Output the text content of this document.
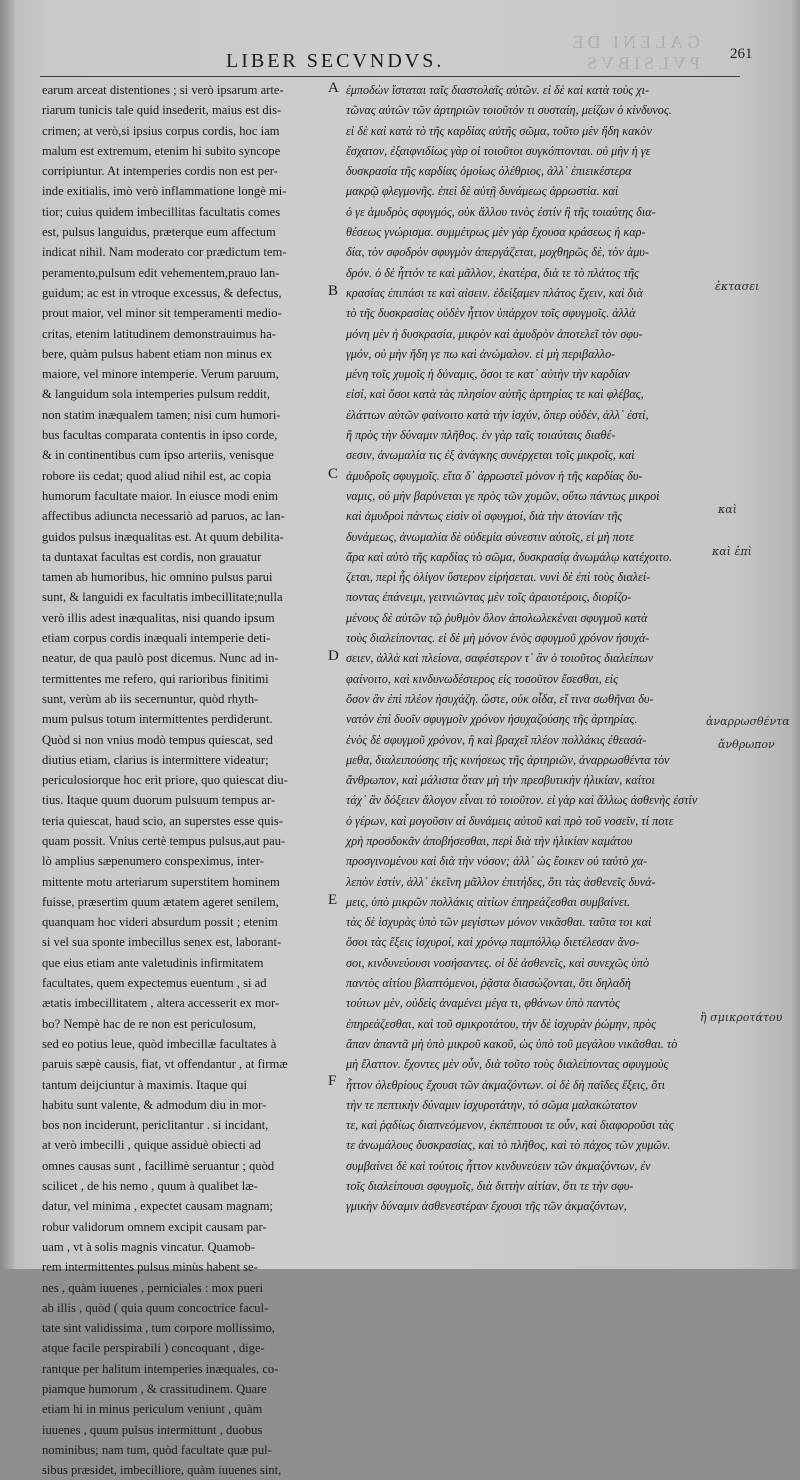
GALENI DE PVLSIBVS
LIBER SECVNDVS.	261
earum arceat distentiones ; si verò ipsarum arte-
riarum tunicis tale quid insederit, maius est dis-
crimen; at verò,si ipsius corpus cordis, hoc iam
malum est extremum, etenim hi subito syncope
corripiuntur. At intemperies cordis non est per-
inde exitialis, imò verò inflammatione longè mi-
tior; cuius quidem imbecillitas facultatis comes
est, pulsus languidus, præterque eum affectum
indicat nihil. Nam moderato cor prædictum tem-
peramento,pulsum edit vehementem,prauo lan-
guidum; ac est in vtroque excessus, & defectus,
prout maior, vel minor sit temperamenti medio-
critas, etenim latitudinem demonstrauimus ha-
bere, quàm pulsus habent etiam non minus ex
maiore, vel minore intemperie. Verum paruum,
& languidum sola intemperies pulsum reddit,
non statim inæqualem tamen; nisi cum humori-
bus facultas comparata contentis in ipso corde,
& in continentibus cum ipso arteriis, venisque
robore iis cedat; quod aliud nihil est, ac copia
humorum facultate maior. In eiusce modi enim
affectibus adiuncta necessariò ad paruos, ac lan-
guidos pulsus inæqualitas est. At quum debilita-
ta duntaxat facultas est cordis, non grauatur
tamen ab humoribus, hic omnino pulsus parui
sunt, & languidi ex facultatis imbecillitate;nulla
verò illis adest inæqualitas, nisi quando ipsum
etiam corpus cordis inæquali intemperie deti-
neatur, de qua paulò post dicemus. Nunc ad in-
termittentes me refero, qui rarioribus finitimi
sunt, verùm ab iis secernuntur, quòd rhyth-
mum pulsus totum intermittentes perdiderunt.
Quòd si non vnius modò tempus quiescat, sed
diutius etiam, clarius is intermittere videatur;
periculosiorque hoc erit priore, quo quiescat diu-
tius. Itaque quum duorum pulsuum tempus ar-
teria quiescat, haud scio, an superstes esse quis-
quam possit. Vnius certè tempus pulsus,aut pau-
lò amplius sæpenumero conspeximus, inter-
mittente motu arteriarum superstitem hominem
fuisse, præsertim quum ætatem ageret senilem,
quanquam hoc videri absurdum possit ; etenim
si vel sua sponte imbecillus senex est, laborant-
que eius etiam ante valetudinis infirmitatem
facultates, quem expectemus euentum , si ad
ætatis imbecillitatem , altera accesserit ex mor-
bo? Nempè hac de re non est periculosum,
sed eo potius leue, quòd imbecillæ facultates à
paruis sæpè causis, fiat, vt offendantur , at firmæ
tantum deijciuntur à maximis. Itaque qui
habitu sunt valente, & admodum diu in mor-
bos non inciderunt, periclitantur . si incidant,
at verò imbecilli , quique assiduè obiecti ad
omnes causas sunt , facillimè seruantur ; quòd
scilicet , de his nemo , quum à qualibet læ-
datur, vel minima , expectet causam magnam;
robur validorum omnem excipit causam par-
uam , vt à solis magnis vincatur. Quamob-
rem intermittentes pulsus minùs habent se-
nes , quàm iuuenes , perniciales : mox pueri
ab illis , quòd ( quia quum concoctrice facul-
tate sint validissima , tum corpore mollissimo,
atque facile perspirabili ) concoquant , dige-
rantque per halitum intemperies inæquales, co-
piamque humorum , & crassitudinem. Quare
etiam hi in minus periculum veniunt , quàm
iuuenes , quum pulsus intermittunt , duobus
nominibus; nam tum, quòd facultate quæ pul-
sibus præsidet, imbecilliore, quàm iuuenes sint,
ἐμποδὼν ἵσταται ταῖς διαστολαῖς αὐτῶν. εἰ δὲ καὶ κατὰ τοὺς χι-
τῶνας αὐτῶν τῶν ἀρτηριῶν τοιοῦτόν τι συσταίη, μείζων ὁ κίνδυνος.
εἰ δὲ καὶ κατὰ τὸ τῆς καρδίας αὐτῆς σῶμα, τοῦτο μὲν ἤδη κακὸν
ἔσχατον, ἐξαιφνιδίως γὰρ οἱ τοιοῦτοι συγκόπτονται. οὐ μὴν ἡ γε
δυσκρασία τῆς καρδίας ὁμοίως ὀλέθριος, ἀλλ᾽ ἐπιεικέστερα
μακρῷ φλεγμονῆς. ἐπεὶ δὲ αὐτῇ δυνάμεως ἀρρωστία. καὶ
ὁ γε ἀμυδρὸς σφυγμός, οὐκ ἄλλου τινὸς ἐστίν ἢ τῆς τοιαύτης δια-
θέσεως γνώρισμα. συμμέτρως μὲν γὰρ ἔχουσα κράσεως ἡ καρ-
δία, τὸν σφοδρὸν σφυγμὸν ἀπεργάζεται, μοχθηρῶς δὲ, τὸν ἀμυ-
δρόν. ὁ δὲ ἧττόν τε καὶ μᾶλλον, ἑκατέρα, διὰ τε τὸ πλάτος τῆς
κρασίας ἐπιπάσι τε καὶ αἰσειν. ἐδείξαμεν πλάτος ἔχειν, καὶ διὰ
τὸ τῆς δυσκρασίας οὐδὲν ἧττον ὑπάρχον τοῖς σφυγμοῖς. ἀλλὰ
μόνη μὲν ἡ δυσκρασία, μικρὸν καὶ ἀμυδρὸν ἀποτελεῖ τὸν σφυ-
γμόν, οὐ μὴν ἤδη γε πω καὶ ἀνώμαλον. εἰ μὴ περιβαλλο-
μένη τοῖς χυμοῖς ἡ δύναμις, ὅσοι τε κατ᾽ αὐτὴν τὴν καρδίαν
εἰσί, καὶ ὅσοι κατὰ τὰς πλησίον αὐτῆς ἀρτηρίας τε καὶ φλέβας,
ἐλάττων αὐτῶν φαίνοιτο κατὰ τὴν ἰσχύν, ὅπερ οὐδέν, ἀλλ᾽ ἐστί,
ἢ πρὸς τὴν δύναμιν πλῆθος. ἐν γὰρ ταῖς τοιαύταις διαθέ-
σεσιν, ἀνωμαλία τις ἐξ ἀνάγκης συνέρχεται τοῖς μικροῖς, καὶ
ἀμυδροῖς σφυγμοῖς. εἴτα δ᾽ ἀρρωστεῖ μόνον ἡ τῆς καρδίας δυ-
ναμις, οὐ μὴν βαρύνεται γε πρὸς τῶν χυμῶν, οὕτω πάντως μικροὶ
καὶ ἀμυδροὶ πάντως εἰσὶν οἱ σφυγμοί, διὰ τὴν ἀτονίαν τῆς
δυνάμεως, ἀνωμαλία δὲ οὐδεμία σύνεστιν αὐτοῖς, εἰ μὴ ποτε
ἄρα καὶ αὐτὸ τῆς καρδίας τὸ σῶμα, δυσκρασίᾳ ἀνωμάλῳ κατέχοιτο.
ζεται, περὶ ἧς ὀλίγον ὕστερον εἰρήσεται. νυνὶ δὲ ἐπὶ τοὺς διαλεί-
ποντας ἐπάνειμι, γειτνιῶντας μὲν τοῖς ἀραιοτέροις, διορίζο-
μένους δὲ αὐτῶν τῷ ῥυθμὸν ὅλον ἀπολωλεκέναι σφυγμοῦ κατὰ
τοὺς διαλείποντας. εἰ δὲ μὴ μόνον ἑνὸς σφυγμοῦ χρόνον ἡσυχά-
σειεν, ἀλλὰ καὶ πλείονα, σαφέστερον τ᾽ ἂν ὁ τοιοῦτος διαλείπων
φαίνοιτο, καὶ κινδυνωδέστερος εἰς τοσοῦτον ἔσεσθαι, εἰς
ὅσον ἂν ἐπὶ πλέον ἡσυχάζη. ὥστε, οὐκ οἶδα, εἴ τινα σωθῆναι δυ-
νατὸν ἐπὶ δυοῖν σφυγμοῖν χρόνον ἡσυχαζούσης τῆς ἀρτηρίας.
ἑνὸς δὲ σφυγμοῦ χρόνον, ἢ καὶ βραχεῖ πλέον πολλάκις ἐθεασά-
μεθα, διαλειπούσης τῆς κινήσεως τῆς ἀρτηριῶν, ἀναρρωσθέντα τὸν
ἄνθρωπον, καὶ μάλιστα ὅταν μὴ τὴν πρεσβυτικὴν ἡλικίαν, καίτοι
τάχ᾽ ἂν δόξειεν ἄλογον εἶναι τὸ τοιοῦτον. εἰ γὰρ καὶ ἄλλως ἀσθενὴς ἐστίν
ὁ γέρων, καὶ μογοῦσιν αἱ δυνάμεις αὐτοῦ καὶ πρὸ τοῦ νοσεῖν, τί ποτε
χρὴ προσδοκᾶν ἀποβήσεσθαι, περὶ διὰ τὴν ἡλικίαν καμάτου
προσγινομένου καὶ διὰ τὴν νόσον; ἀλλ᾽ ὡς ἔοικεν οὐ ταὐτὸ χα-
λεπὸν ἐστίν, ἀλλ᾽ ἐκεῖνη μᾶλλον ἐπιτήδες, ὅτι τὰς ἀσθενεῖς δυνά-
μεις, ὑπὸ μικρῶν πολλάκις αἰτίων ἐπηρεάζεσθαι συμβαίνει.
τὰς δὲ ἰσχυρὰς ὑπὸ τῶν μεγίστων μόνον νικᾶσθαι. ταῦτα τοι καὶ
ὅσοι τὰς ἕξεις ἰσχυροί, καὶ χρόνῳ παμπόλλῳ διετέλεσαν ἄνο-
σοι, κινδυνεύουσι νοσήσαντες. οἱ δὲ ἀσθενεῖς, καὶ συνεχῶς ὑπὸ
παντὸς αἰτίου βλαπτόμενοι, ῥᾷστα διασώζονται, ὅτι δηλαδὴ
τούτων μὲν, οὐδεὶς ἀναμένει μέγα τι, φθάνων ὑπὸ παντὸς
ἐπηρεάζεσθαι, καὶ τοῦ σμικροτάτου, τὴν δὲ ἰσχυρὰν ῥώμην, πρὸς
ἅπαν ἀπαντᾶ μὴ ὑπὸ μικροῦ κακοῦ, ὡς ὑπὸ τοῦ μεγάλου νικᾶσθαι. τὸ
μὴ ἔλαττον. ἔχοντες μὲν οὖν, διὰ τοῦτο τοὺς διαλείποντας σφυγμοὺς
ἧττον ὀλεθρίους ἔχουσι τῶν ἀκμαζόντων. οἱ δὲ δὴ παῖδες ἔξεις, ὅτι
τὴν τε πεπτικὴν δύναμιν ἰσχυροτάτην, τό σῶμα μαλακώτατον
τε, καὶ ῥᾳδίως διαπνεόμενον, ἐκπέπτουσι τε οὖν, καὶ διαφοροῦσι τὰς
τε ἀνωμάλους δυσκρασίας, καὶ τὸ πλῆθος, καὶ τὸ πάχος τῶν χυμῶν.
συμβαίνει δὲ καὶ τούτοις ἧττον κινδυνεύειν τῶν ἀκμαζόντων, ἐν
τοῖς διαλείπουσι σφυγμοῖς, διὰ διττὴν αἰτίαν, ὅτι τε τὴν σφυ-
γμικὴν δύναμιν ἀσθενεστέραν ἔχουσι τῆς τῶν ἀκμαζόντων,
A
B
C
D
E
F
ἐκτασει
καὶ
καὶ ἐπὶ
ἀναρρωσθέντα
ἄνθρωπον
ἢ σμικροτάτου
